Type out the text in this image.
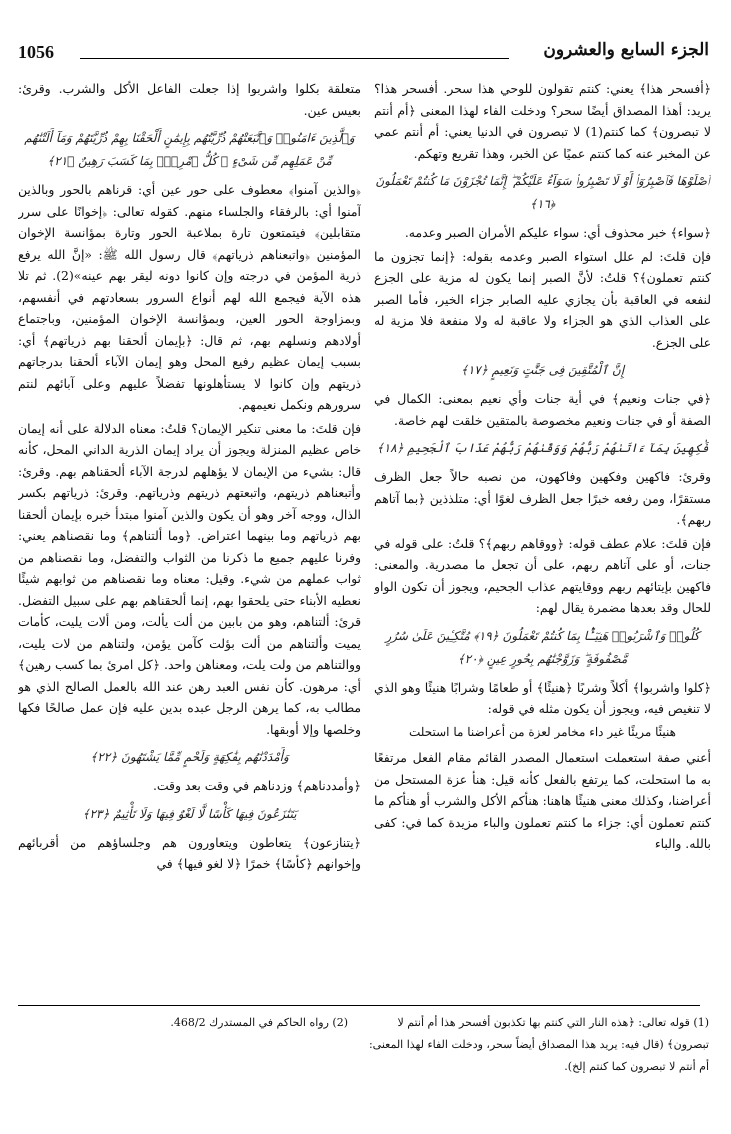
1056	الجزء السابع والعشرون

﴿أفسحر هذا﴾ يعني: كنتم تقولون للوحي هذا سحر. أفسحر هذا؟ يريد: أهذا المصداق أيضًا سحر؟ ودخلت الفاء لهذا المعنى ﴿أم أنتم لا تبصرون﴾ كما كنتم(1) لا تبصرون في الدنيا يعني: أم أنتم عمي عن المخبر عنه كما كنتم عميًا عن الخبر، وهذا تقريع وتهكم.

ٱصْلَوْهَا فَٱصْبِرُوٓا۟ أَوْ لَا تَصْبِرُوا۟ سَوَآءٌ عَلَيْكُمْ ۖ إِنَّمَا تُجْزَوْنَ مَا كُنتُمْ تَعْمَلُونَ ﴿١٦﴾

﴿سواء﴾ خبر محذوف أي: سواء عليكم الأمران الصبر وعدمه.

فإن قلتَ: لم علل استواء الصبر وعدمه بقوله: ﴿إنما تجزون ما كنتم تعملون﴾؟ قلتُ: لأنَّ الصبر إنما يكون له مزية على الجزع لنفعه في العاقبة بأن يجازي عليه الصابر جزاء الخير، فأما الصبر على العذاب الذي هو الجزاء ولا عاقبة له ولا منفعة فلا مزية له على الجزع.

إِنَّ ٱلْمُتَّقِينَ فِى جَنَّٰتٍ وَنَعِيمٍ ﴿١٧﴾

﴿في جنات ونعيم﴾ في أية جنات وأي نعيم بمعنى: الكمال في الصفة أو في جنات ونعيم مخصوصة بالمتقين خلقت لهم خاصة.

فَٰكِهِينَ بِمَآ ءَاتَىٰهُمْ رَبُّهُمْ وَوَقَىٰهُمْ رَبُّهُمْ عَذَابَ ٱلْجَحِيمِ ﴿١٨﴾

وقرئ: فاكهين وفكهين وفاكهون، من نصبه حالاً جعل الظرف مستقرًا، ومن رفعه خبرًا جعل الظرف لغوًا أي: متلذذين ﴿بما آتاهم ربهم﴾.

فإن قلتَ: علام عطف قوله: ﴿ووقاهم ربهم﴾؟ قلتُ: على قوله في جنات، أو على آتاهم ربهم، على أن تجعل ما مصدرية. والمعنى: فاكهين بإيتائهم ربهم ووقايتهم عذاب الجحيم، ويجوز أن تكون الواو للحال وقد بعدها مضمرة يقال لهم:

كُلُوا۟ وَٱشْرَبُوا۟ هَنِيٓـًٔۢا بِمَا كُنتُمْ تَعْمَلُونَ ﴿١٩﴾ مُتَّكِـِٔينَ عَلَىٰ سُرُرٍ مَّصْفُوفَةٍ ۖ وَزَوَّجْنَٰهُم بِحُورٍ عِينٍ ﴿٢٠﴾

﴿كلوا واشربوا﴾ أكلاً وشربًا ﴿هنيئًا﴾ أو طعامًا وشرابًا هنيئًا وهو الذي لا تنغيص فيه، ويجوز أن يكون مثله في قوله:

هنيئًا مريئًا غير داء مخامر لعزة من أعراضنا ما استحلت

أعني صفة استعملت استعمال المصدر القائم مقام الفعل مرتفعًا به ما استحلت، كما يرتفع بالفعل كأنه قيل: هنأ عزة المستحل من أعراضنا، وكذلك معنى هنيئًا هاهنا: هنأكم الأكل والشرب أو هنأكم ما كنتم تعملون أي: جزاء ما كنتم تعملون والباء مزيدة كما في: كفى بالله. والباء

متعلقة بكلوا واشربوا إذا جعلت الفاعل الأكل والشرب. وقرئ: بعيس عين.

وَٱلَّذِينَ ءَامَنُوا۟ وَٱتَّبَعَتْهُمْ ذُرِّيَّتُهُم بِإِيمَٰنٍ أَلْحَقْنَا بِهِمْ ذُرِّيَّتَهُمْ وَمَآ أَلَتْنَٰهُم مِّنْ عَمَلِهِم مِّن شَىْءٍ ۚ كُلُّ ٱمْرِئٍۭ بِمَا كَسَبَ رَهِينٌ ﴿٢١﴾

﴿والذين آمنوا﴾ معطوف على حور عين أي: قرناهم بالحور وبالذين آمنوا أي: بالرفقاء والجلساء منهم. كقوله تعالى: ﴿إخوانًا على سرر متقابلين﴾ فيتمتعون تارة بملاعبة الحور وتارة بمؤانسة الإخوان المؤمنين ﴿واتبعناهم ذرياتهم﴾ قال رسول الله ﷺ: «إنَّ الله يرفع ذرية المؤمن في درجته وإن كانوا دونه ليقر بهم عينه»(2). ثم تلا هذه الآية فيجمع الله لهم أنواع السرور بسعادتهم في أنفسهم، وبمزاوجة الحور العين، وبمؤانسة الإخوان المؤمنين، وباجتماع أولادهم ونسلهم بهم، ثم قال: ﴿بإيمان ألحقنا بهم ذرياتهم﴾ أي: بسبب إيمان عظيم رفيع المحل وهو إيمان الآباء ألحقنا بدرجاتهم ذريتهم وإن كانوا لا يستأهلونها تفضلاً عليهم وعلى آبائهم لنتم سرورهم ونكمل نعيمهم.

فإن قلتَ: ما معنى تنكير الإيمان؟ قلتُ: معناه الدلالة على أنه إيمان خاص عظيم المنزلة ويجوز أن يراد إيمان الذرية الداني المحل، كأنه قال: بشيء من الإيمان لا يؤهلهم لدرجة الآباء ألحقناهم بهم. وقرئ: وأتبعناهم ذريتهم، واتبعتهم ذريتهم وذرياتهم. وقرئ: ذرياتهم بكسر الذال، ووجه آخر وهو أن يكون والذين آمنوا مبتدأ خبره بإيمان ألحقنا بهم ذرياتهم وما بينهما اعتراض. ﴿وما ألتناهم﴾ وما نقصناهم يعني: وفرنا عليهم جميع ما ذكرنا من الثواب والتفضل، وما نقصناهم من ثواب عملهم من شيء. وقيل: معناه وما نقصناهم من ثوابهم شيئًا نعطيه الأبناء حتى يلحقوا بهم، إنما ألحقناهم بهم على سبيل التفضل. قرئ: ألتناهم، وهو من بابين من ألت يألت، ومن ألات يليت، كأمات يميت وألتناهم من ألت بؤلت كآمن يؤمن، ولتناهم من لات يليت، ووالتناهم من ولت يلت، ومعناهن واحد. ﴿كل امرئ بما كسب رهين﴾ أي: مرهون. كأن نفس العبد رهن عند الله بالعمل الصالح الذي هو مطالب به، كما يرهن الرجل عبده بدين عليه فإن عمل صالحًا فكها وخلصها وإلا أوبقها.

وَأَمْدَدْنَٰهُم بِفَٰكِهَةٍ وَلَحْمٍ مِّمَّا يَشْتَهُونَ ﴿٢٢﴾

﴿وأمددناهم﴾ وزدناهم في وقت بعد وقت.

يَتَنَٰزَعُونَ فِيهَا كَأْسًا لَّا لَغْوٌ فِيهَا وَلَا تَأْثِيمٌ ﴿٢٣﴾

﴿يتنازعون﴾ يتعاطون ويتعاورون هم وجلساؤهم من أقربائهم وإخوانهم ﴿كأسًا﴾ خمرًا ﴿لا لغو فيها﴾ في

(1) قوله تعالى: ﴿هذه النار التي كنتم بها تكذبون أفسحر هذا أم أنتم لا تبصرون﴾ (قال فيه: يريد هذا المصداق أيضاً سحر، ودخلت الفاء لهذا المعنى: أم أنتم لا تبصرون كما كنتم إلخ).
(2) رواه الحاكم في المستدرك 468/2.
